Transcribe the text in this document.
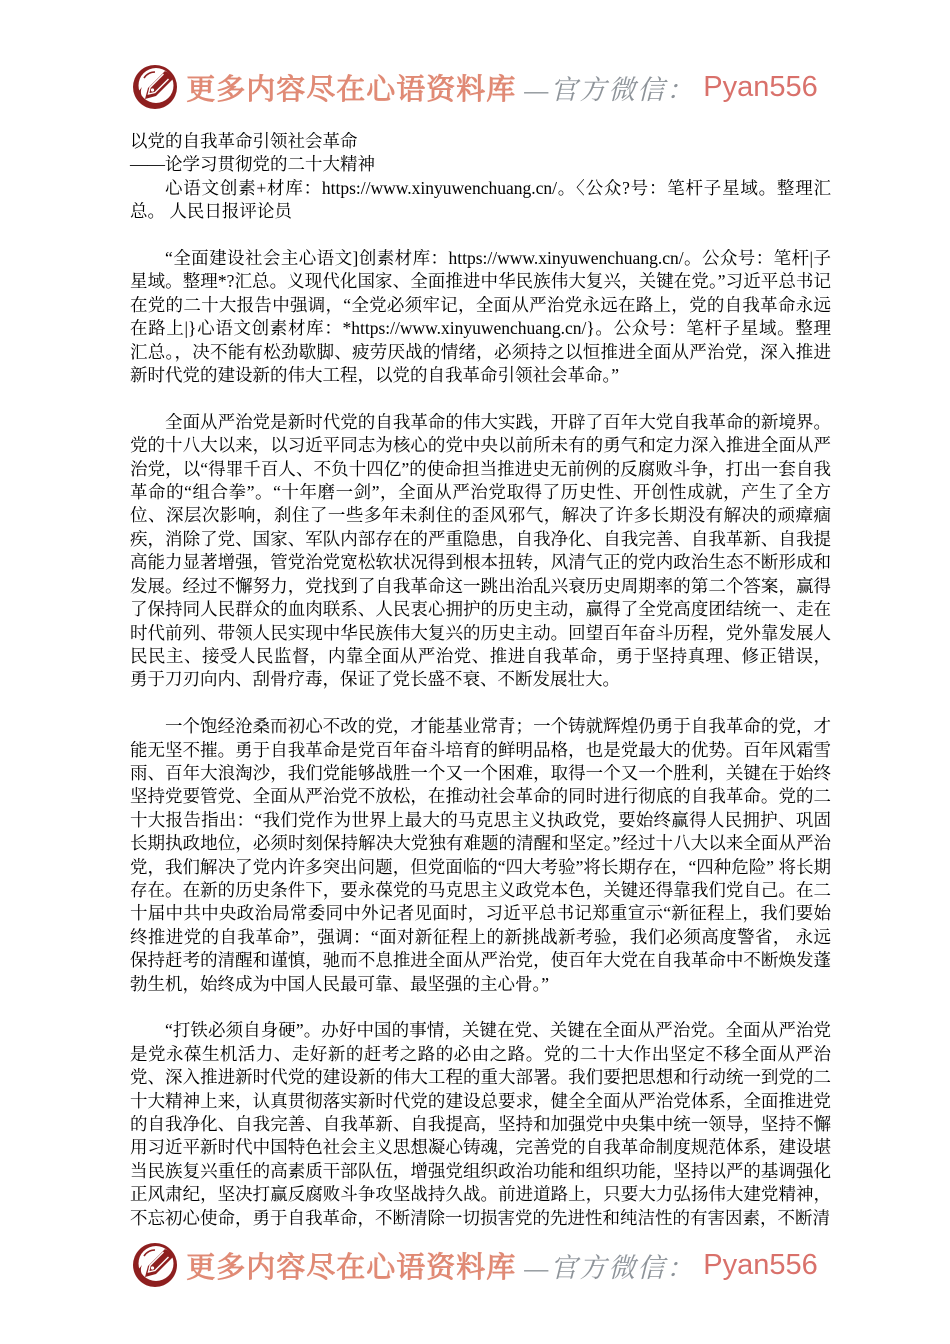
更多内容尽在心语资料库 —官方微信： Pyan556
以党的自我革命引领社会革命
——论学习贯彻党的二十大精神

心语文创素+材库：https://www.xinyuwenchuang.cn/。〈公众?号：笔杆子星域。整理汇总。 人民日报评论员

“全面建设社会主心语文]创素材库：https://www.xinyuwenchuang.cn/。公众号：笔杆|子星域。整理*?汇总。义现代化国家、全面推进中华民族伟大复兴，关键在党。”习近平总书记在党的二十大报告中强调，“全党必须牢记，全面从严治党永远在路上，党的自我革命永远在路上|}心语文创素材库：*https://www.xinyuwenchuang.cn/}。公众号：笔杆子星域。整理汇总。，决不能有松劲歇脚、疲劳厌战的情绪，必须持之以恒推进全面从严治党，深入推进新时代党的建设新的伟大工程，以党的自我革命引领社会革命。”

全面从严治党是新时代党的自我革命的伟大实践，开辟了百年大党自我革命的新境界。党的十八大以来，以习近平同志为核心的党中央以前所未有的勇气和定力深入推进全面从严治党，以“得罪千百人、不负十四亿”的使命担当推进史无前例的反腐败斗争，打出一套自我革命的“组合拳”。“十年磨一剑”，全面从严治党取得了历史性、开创性成就，产生了全方位、深层次影响，刹住了一些多年未刹住的歪风邪气，解决了许多长期没有解决的顽瘴痼疾，消除了党、国家、军队内部存在的严重隐患，自我净化、自我完善、自我革新、自我提高能力显著增强，管党治党宽松软状况得到根本扭转，风清气正的党内政治生态不断形成和发展。经过不懈努力，党找到了自我革命这一跳出治乱兴衰历史周期率的第二个答案，赢得了保持同人民群众的血肉联系、人民衷心拥护的历史主动，赢得了全党高度团结统一、走在时代前列、带领人民实现中华民族伟大复兴的历史主动。回望百年奋斗历程，党外靠发展人民民主、接受人民监督，内靠全面从严治党、推进自我革命，勇于坚持真理、修正错误， 勇于刀刃向内、刮骨疗毒，保证了党长盛不衰、不断发展壮大。

一个饱经沧桑而初心不改的党，才能基业常青；一个铸就辉煌仍勇于自我革命的党，才能无坚不摧。勇于自我革命是党百年奋斗培育的鲜明品格，也是党最大的优势。百年风霜雪雨、百年大浪淘沙，我们党能够战胜一个又一个困难，取得一个又一个胜利，关键在于始终坚持党要管党、全面从严治党不放松，在推动社会革命的同时进行彻底的自我革命。党的二十大报告指出：“我们党作为世界上最大的马克思主义执政党，要始终赢得人民拥护、巩固长期执政地位，必须时刻保持解决大党独有难题的清醒和坚定。”经过十八大以来全面从严治党，我们解决了党内许多突出问题，但党面临的“四大考验”将长期存在，“四种危险” 将长期存在。在新的历史条件下，要永葆党的马克思主义政党本色，关键还得靠我们党自己。在二十届中共中央政治局常委同中外记者见面时，习近平总书记郑重宣示“新征程上，我们要始终推进党的自我革命”，强调：“面对新征程上的新挑战新考验，我们必须高度警省， 永远保持赶考的清醒和谨慎，驰而不息推进全面从严治党，使百年大党在自我革命中不断焕发蓬勃生机，始终成为中国人民最可靠、最坚强的主心骨。”

“打铁必须自身硬”。办好中国的事情，关键在党、关键在全面从严治党。全面从严治党是党永葆生机活力、走好新的赶考之路的必由之路。党的二十大作出坚定不移全面从严治党、深入推进新时代党的建设新的伟大工程的重大部署。我们要把思想和行动统一到党的二十大精神上来，认真贯彻落实新时代党的建设总要求，健全全面从严治党体系，全面推进党的自我净化、自我完善、自我革新、自我提高，坚持和加强党中央集中统一领导，坚持不懈用习近平新时代中国特色社会主义思想凝心铸魂，完善党的自我革命制度规范体系，建设堪当民族复兴重任的高素质干部队伍，增强党组织政治功能和组织功能，坚持以严的基调强化正风肃纪，坚决打赢反腐败斗争攻坚战持久战。前进道路上，只要大力弘扬伟大建党精神， 不忘初心使命，勇于自我革命，不断清除一切损害党的先进性和纯洁性的有害因素，不断清

更多内容尽在心语资料库 —官方微信： Pyan556
